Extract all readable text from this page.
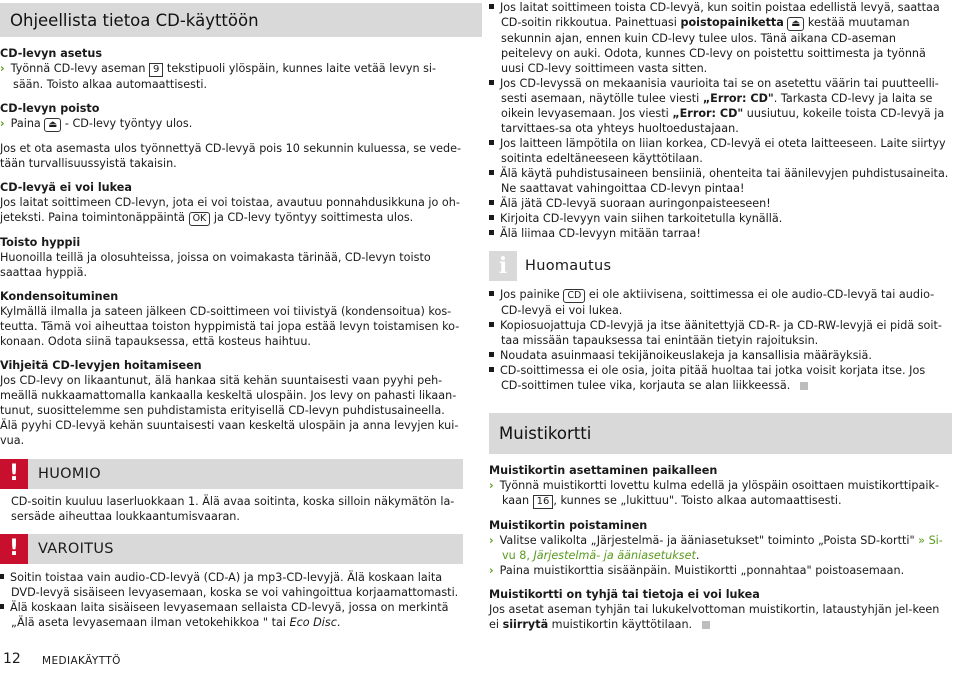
Ohjeellista tietoa CD-käyttöön

CD-levyn asetus

› Työnnä CD-levy aseman 9 tekstipuoli ylöspäin, kunnes laite vetää levyn si-
sään. Toisto alkaa automaattisesti.

CD-levyn poisto

› Paina ⏏ - CD-levy työntyy ulos.

Jos et ota asemasta ulos työnnettyä CD-levyä pois 10 sekunnin kuluessa, se vede-tään turvallisuussyistä takaisin.

CD-levyä ei voi lukea

Jos laitat soittimeen CD-levyn, jota ei voi toistaa, avautuu ponnahdusikkuna jo oh-jeteksti. Paina toimintonäppäintä OK ja CD-levy työntyy soittimesta ulos.

Toisto hyppii

Huonoilla teillä ja olosuhteissa, joissa on voimakasta tärinää, CD-levyn toisto saattaa hyppiä.

Kondensoituminen

Kylmällä ilmalla ja sateen jälkeen CD-soittimeen voi tiivistyä (kondensoitua) kos-teutta. Tämä voi aiheuttaa toiston hyppimistä tai jopa estää levyn toistamisen ko-konaan. Odota siinä tapauksessa, että kosteus haihtuu.

Vihjeitä CD-levyjen hoitamiseen

Jos CD-levy on likaantunut, älä hankaa sitä kehän suuntaisesti vaan pyyhi peh-meällä nukkaamattomalla kankaalla keskeltä ulospäin. Jos levy on pahasti likaan-tunut, suosittelemme sen puhdistamista erityisellä CD-levyn puhdistusaineella. Älä pyyhi CD-levyä kehän suuntaisesti vaan keskeltä ulospäin ja anna levyjen kui-vua.

!	HUOMIO

CD-soitin kuuluu laserluokkaan 1. Älä avaa soitinta, koska silloin näkymätön la-sersäde aiheuttaa loukkaantumisvaaran.

!	VAROITUS

Soitin toistaa vain audio-CD-levyä (CD-A) ja mp3-CD-levyjä. Älä koskaan laita DVD-levyä sisäiseen levyasemaan, koska se voi vahingoittua korjaamattomasti.

Älä koskaan laita sisäiseen levyasemaan sellaista CD-levyä, jossa on merkintä „Älä aseta levyasemaan ilman vetokehikkoa " tai Eco Disc.

Jos laitat soittimeen toista CD-levyä, kun soitin poistaa edellistä levyä, saattaa CD-soitin rikkoutua. Painettuasi poistopainiketta ⏏ kestää muutaman sekunnin ajan, ennen kuin CD-levy tulee ulos. Tänä aikana CD-aseman peitelevy on auki. Odota, kunnes CD-levy on poistettu soittimesta ja työnnä uusi CD-levy soittimeen vasta sitten.

Jos CD-levyssä on mekaanisia vaurioita tai se on asetettu väärin tai puutteelli-sesti asemaan, näytölle tulee viesti „Error: CD". Tarkasta CD-levy ja laita se oikein levyasemaan. Jos viesti „Error: CD" uusiutuu, kokeile toista CD-levyä ja tarvittaes-sa ota yhteys huoltoedustajaan.

Jos laitteen lämpötila on liian korkea, CD-levyä ei oteta laitteeseen. Laite siirtyy soitinta edeltäneeseen käyttötilaan.

Älä käytä puhdistusaineen bensiiniä, ohenteita tai äänilevyjen puhdistusaineita. Ne saattavat vahingoittaa CD-levyn pintaa!

Älä jätä CD-levyä suoraan auringonpaisteeseen!

Kirjoita CD-levyyn vain siihen tarkoitetulla kynällä.

Älä liimaa CD-levyyn mitään tarraa!

i	Huomautus

Jos painike CD ei ole aktiivisena, soittimessa ei ole audio-CD-levyä tai audio-CD-levyä ei voi lukea.

Kopiosuojattuja CD-levyjä ja itse äänitettyjä CD-R- ja CD-RW-levyjä ei pidä soit-taa missään tapauksessa tai enintään tietyin rajoituksin.

Noudata asuinmaasi tekijänoikeuslakeja ja kansallisia määräyksiä.

CD-soittimessa ei ole osia, joita pitää huoltaa tai jotka voisit korjata itse. Jos CD-soittimen tulee vika, korjauta se alan liikkeessä.

Muistikortti

Muistikortin asettaminen paikalleen

› Työnnä muistikortti lovettu kulma edellä ja ylöspäin osoittaen muistikorttipaik-kaan 16 , kunnes se „lukittuu". Toisto alkaa automaattisesti.

Muistikortin poistaminen

› Valitse valikolta „Järjestelmä- ja ääniasetukset" toiminto „Poista SD-kortti" » Si-vu 8, Järjestelmä- ja ääniasetukset.

› Paina muistikorttia sisäänpäin. Muistikortti „ponnahtaa" poistoasemaan.

Muistikortti on tyhjä tai tietoja ei voi lukea

Jos asetat aseman tyhjän tai lukukelvottoman muistikortin, lataustyhjän jel-keen ei siirrytä muistikortin käyttötilaan.

12 MEDIAKÄYTTÖ
